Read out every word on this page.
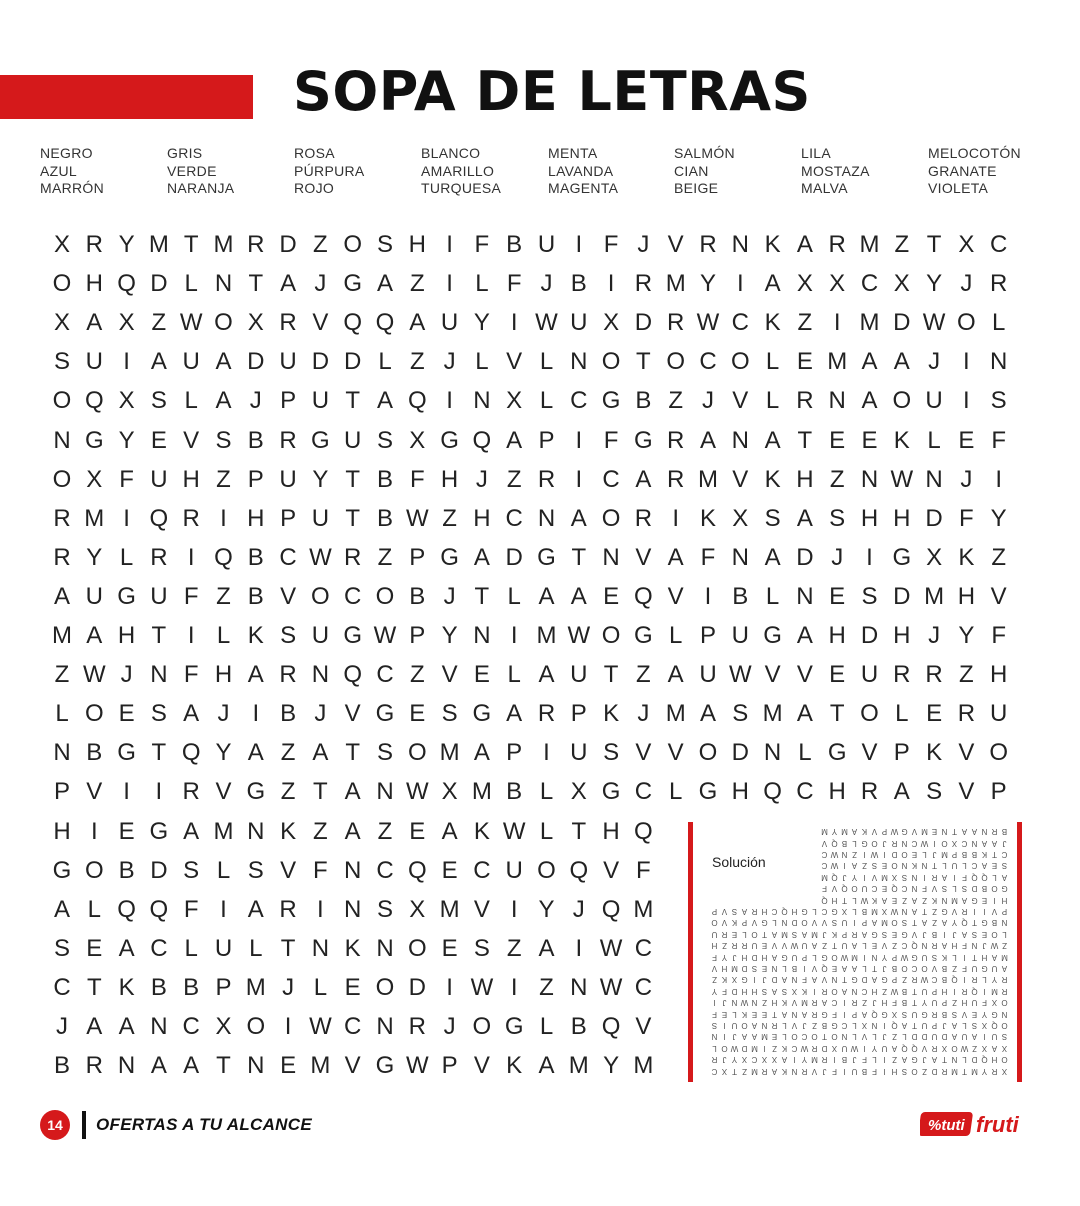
SOPA DE LETRAS
NEGRO
AZUL
MARRÓN
GRIS
VERDE
NARANJA
ROSA
PÚRPURA
ROJO
BLANCO
AMARILLO
TURQUESA
MENTA
LAVANDA
MAGENTA
SALMÓN
CIAN
BEIGE
LILA
MOSTAZA
MALVA
MELOCOTÓN
GRANATE
VIOLETA
X R Y M T M R D Z O S H I F B U I F J V R N K A R M Z T X C
O H Q D L N T A J G A Z I L F J B I R M Y I A X X C X Y J R
X A X Z W O X R V Q Q A U Y I W U X D R W C K Z I M D W O L
S U I A U A D U D D L Z J L V L N O T O C O L E M A A J I N
O Q X S L A J P U T A Q I N X L C G B Z J V L R N A O U I S
N G Y E V S B R G U S X G Q A P I F G R A N A T E E K L E F
O X F U H Z P U Y T B F H J Z R I C A R M V K H Z N W N J I
R M I Q R I H P U T B W Z H C N A O R I K X S A S H H D F Y
R Y L R I Q B C W R Z P G A D G T N V A F N A D J I G X K Z
A U G U F Z B V O C O B J T L A A E Q V I B L N E S D M H V
M A H T I L K S U G W P Y N I M W O G L P U G A H D H J Y F
Z W J N F H A R N Q C Z V E L A U T Z A U W V V E U R R Z H
L O E S A J I B J V G E S G A R P K J M A S M A T O L E R U
N B G T Q Y A Z A T S O M A P I U S V V O D N L G V P K V O
P V I	I R V G Z T A N W X M B L X G C L G H Q C H R A S V P
H I E G A M N K Z A Z E A K W L T H Q
G O B D S L S V F N C Q E C U O Q V F
A L Q Q F I A R I N S X M V I Y J Q M
S E A C L U L T N K N O E S Z A I W C
C T K B B P M J L E O D I W I Z N W C
J A A N C X O I W C N R J O G L B Q V
B R N A A T N E M V G W P V K A M Y M	X
R
Y
M
T
M
R
D
Z
O
S
H
I
F
B
U
I
F
J
V
R
N
K
A
R
M
Z
T
X
C
O
H
Q
D
L
N
T
A
J
G
A
Z
I
L
F
J
B
I
R
M
Y
I
A
X
X
C
X
Y
J
R
X
A
X
Z
W
O
X
R
V
Q
Q
A
U
Y
I
W
U
X
D
R
W
C
K
Z
I
M
D
W
O
L
S
U
I
A
U
A
D
U
D
D
L
Z
J
L
V
L
N
O
T
O
C
O
L
E
M
A
A
J
I
N
O
Q
X
S
L
A
J
P
U
T
A
Q
I
N
X
L
C
G
B
Z
J
V
L
R
N
A
O
U
I
S
N
G
Y
E
V
S
B
R
G
U
S
X
G
Q
A
P
I
F
G
R
A
N
A
T
E
E
K
L
E
F
O
X
F
U
H
Z
P
U
Y
T
B
F
H
J
Z
R
I
C
A
R
M
V
K
H
Z
N
W
N
J
I
R
M
I
Q
R
I
H
P
U
T
B
W
Z
H
C
N
A
O
R
I
K
X
S
A
S
H
H
D
F
Y
R
Y
L
R
I
Q
B
C
W
R
Z
P
G
A
D
G
T
N
V
A
F
N
A
D
J
I
G
X
K
Z
A
U
G
U
F
Z
B
V
O
C
O
B
J
T
L
A
A
E
Q
V
I
B
L
N
E
S
D
M
H
V
M
A
H
T
I
L
K
S
U
G
W
P
Y
N
I
M
W
O
G
L
P
U
G
A
H
D
H
J
Y
F
Z
W
J
N
F
H
A
R
N
Q
C
Z
V
E
L
A
U
T
Z
A
U
W
V
V
E
U
R
R
Z
H
L
O
E
S
A
J
I
B
J
V
G
E
S
G
A
R
P
K
J
M
A
S
M
A
T
O
L
E
R
U
N
B
G
T
Q
Y
A
Z
A
T
S
O
M
A
P
I
U
S
V
V
O
D
N
L
G
V
P
K
V
O
P
V
I
I
R
V
G
Z
T
A
N
W
X
M
B
L
X
G
C
L
G
H
Q
C
H
R
A
S
V
P
H
I
E
G
A
M
N
K
Z
A
Z
E
A
K
W
L
T
H
Q
G
O
B
D
S
L
S
V
F
N
C
Q
E
C
U
O
Q
V
F
A
L
Q
Q
F
I
A
R
I
N
S
X
M
V
I
Y
J
Q
M
S
E
A
C
L
U
L
T
N
K
N
O
E
S
Z
A
I
W
C
C
T
K
B
B
P
M
J
L
E
O
D
I
W
I
Z
N
W
C
J
A
A
N
C
X
O
I
W
C
N
R
J
O
G
L
B
Q
V
B
R
N
A
A
T
N
E
M
V
G
W
P
V
K
A
M
Y
M
Solución
14	OFERTAS A TU ALCANCE	%tuti fruti
